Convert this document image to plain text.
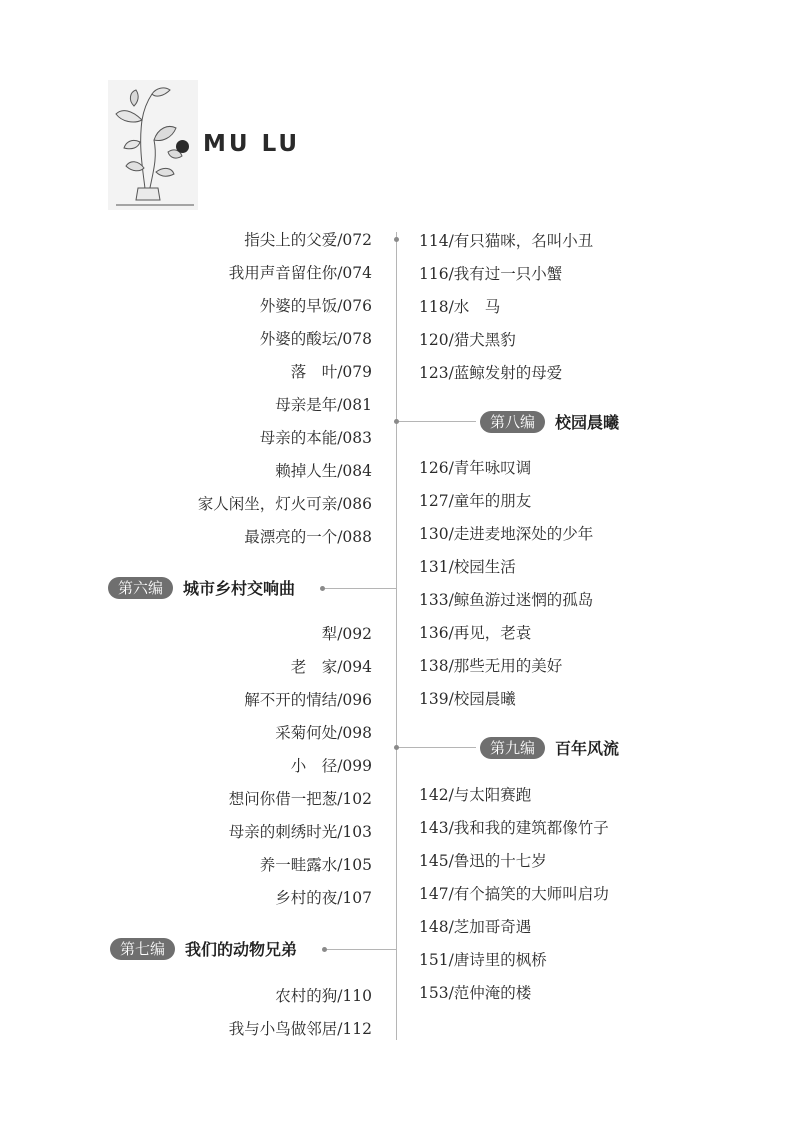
MU LU
指尖上的父爱/072
我用声音留住你/074
外婆的早饭/076
外婆的酸坛/078
落　叶/079
母亲是年/081
母亲的本能/083
赖掉人生/084
家人闲坐，灯火可亲/086
最漂亮的一个/088
第六编	城市乡村交响曲
犁/092
老　家/094
解不开的情结/096
采菊何处/098
小　径/099
想问你借一把葱/102
母亲的刺绣时光/103
养一畦露水/105
乡村的夜/107
第七编	我们的动物兄弟
农村的狗/110
我与小鸟做邻居/112
114/有只猫咪，名叫小丑
116/我有过一只小蟹
118/水　马
120/猎犬黑豹
123/蓝鲸发射的母爱
第八编	校园晨曦
126/青年咏叹调
127/童年的朋友
130/走进麦地深处的少年
131/校园生活
133/鲸鱼游过迷惘的孤岛
136/再见，老袁
138/那些无用的美好
139/校园晨曦
第九编	百年风流
142/与太阳赛跑
143/我和我的建筑都像竹子
145/鲁迅的十七岁
147/有个搞笑的大师叫启功
148/芝加哥奇遇
151/唐诗里的枫桥
153/范仲淹的楼
